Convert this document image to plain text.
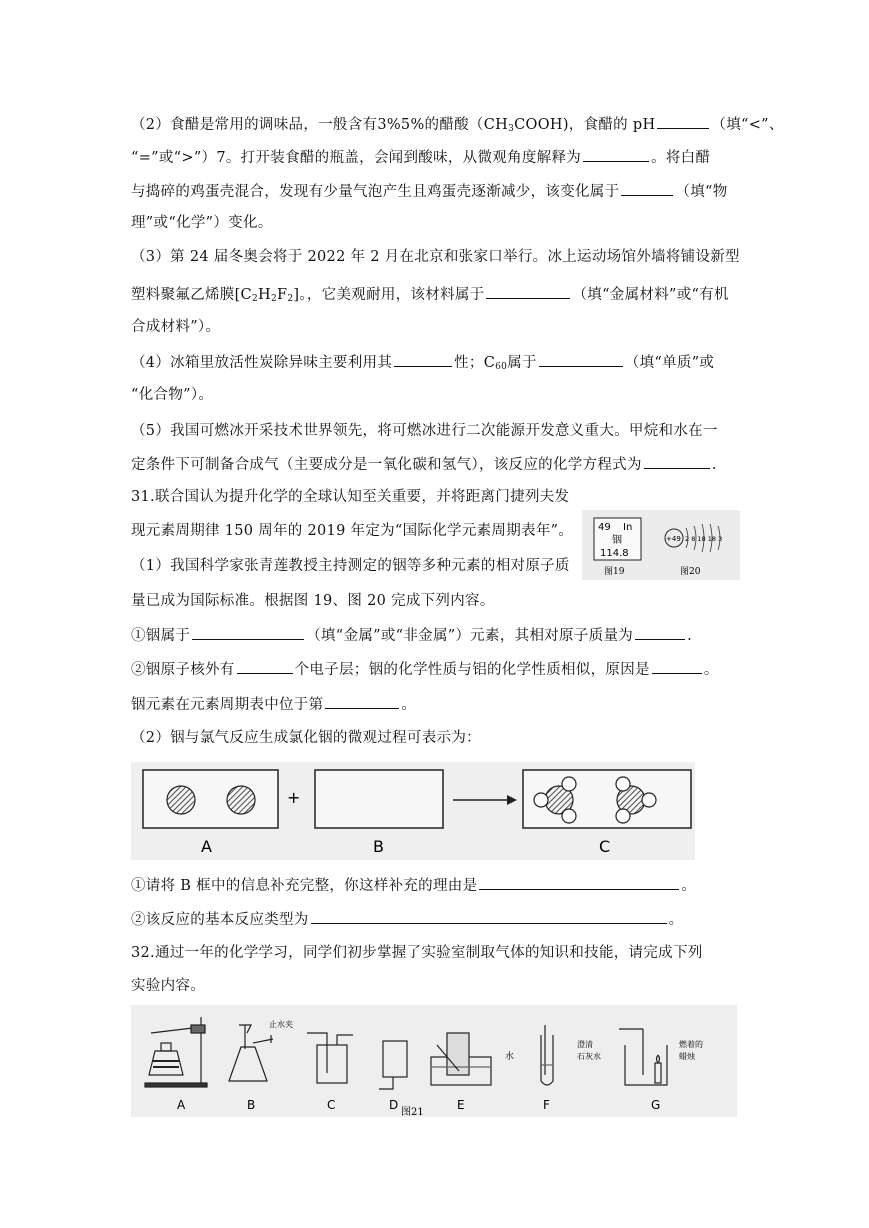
（2）食醋是常用的调味品，一般含有3%5%的醋酸$(CH_3COOH)$，食醋的 pH	（填“<”、
“=”或“>”）7。打开装食醋的瓶盖，会闻到酸味，从微观角度解释为	。将白醋
与捣碎的鸡蛋壳混合，发现有少量气泡产生且鸡蛋壳逐渐减少，该变化属于	（填“物
理”或“化学”）变化。
（3）第 24 届冬奥会将于 2022 年 2 月在北京和张家口举行。冰上运动场馆外墙将铺设新型
塑料聚氟乙烯膜$[C_2H_2F_2]$。，它美观耐用，该材料属于	（填“金属材料”或“有机
合成材料”）。
（4）冰箱里放活性炭除异味主要利用其	性；$C_{60}$属于	（填“单质”或
“化合物”）。
（5）我国可燃冰开采技术世界领先，将可燃冰进行二次能源开发意义重大。甲烷和水在一
定条件下可制备合成气（主要成分是一氧化碳和氢气），该反应的化学方程式为	.
31.联合国认为提升化学的全球认知至关重要，并将距离门捷列夫发
现元素周期律 150 周年的 2019 年定为“国际化学元素周期表年”。
（1）我国科学家张青莲教授主持测定的铟等多种元素的相对原子质
量已成为国际标准。根据图 19、图 20 完成下列内容。
①铟属于	（填“金属”或“非金属”）元素，其相对原子质量为	.
②铟原子核外有	个电子层；铟的化学性质与铝的化学性质相似，原因是	。
铟元素在元素周期表中位于第	。
（2）铟与氯气反应生成氯化铟的微观过程可表示为：
49 In
铟
114.8
图19
+49 2 8 18 18 3
图20
A
+
B	C
①请将 B 框中的信息补充完整，你这样补充的理由是	。
②该反应的基本反应类型为	。
32.通过一年的化学学习，同学们初步掌握了实验室制取气体的知识和技能，请完成下列
实验内容。
A
止水夹
B	C	D
水
E
澄清
石灰水
F
燃着的
蜡烛
G
图21
